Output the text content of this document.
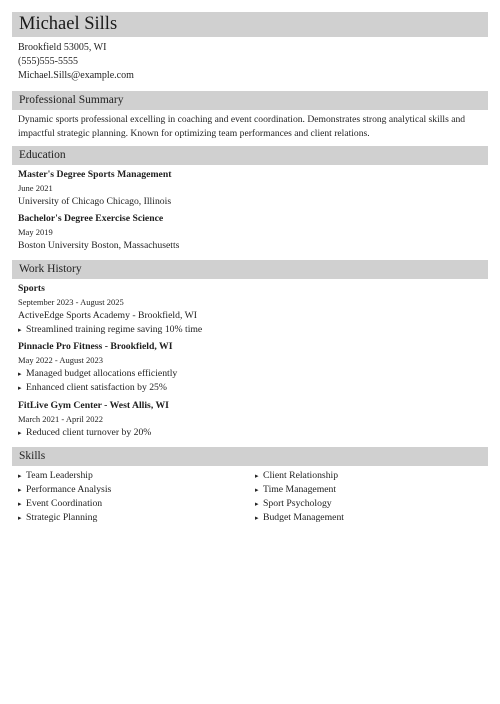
Michael Sills
Brookfield 53005, WI
(555)555-5555
Michael.Sills@example.com
Professional Summary
Dynamic sports professional excelling in coaching and event coordination. Demonstrates strong analytical skills and impactful strategic planning. Known for optimizing team performances and client relations.
Education
Master's Degree Sports Management
June 2021
University of Chicago Chicago, Illinois
Bachelor's Degree Exercise Science
May 2019
Boston University Boston, Massachusetts
Work History
Sports
September 2023 - August 2025
ActiveEdge Sports Academy - Brookfield, WI
▸ Streamlined training regime saving 10% time
Pinnacle Pro Fitness - Brookfield, WI
May 2022 - August 2023
▸ Managed budget allocations efficiently
▸ Enhanced client satisfaction by 25%
FitLive Gym Center - West Allis, WI
March 2021 - April 2022
▸ Reduced client turnover by 20%
Skills
▸ Team Leadership
▸ Performance Analysis
▸ Event Coordination
▸ Strategic Planning
▸ Client Relationship
▸ Time Management
▸ Sport Psychology
▸ Budget Management
